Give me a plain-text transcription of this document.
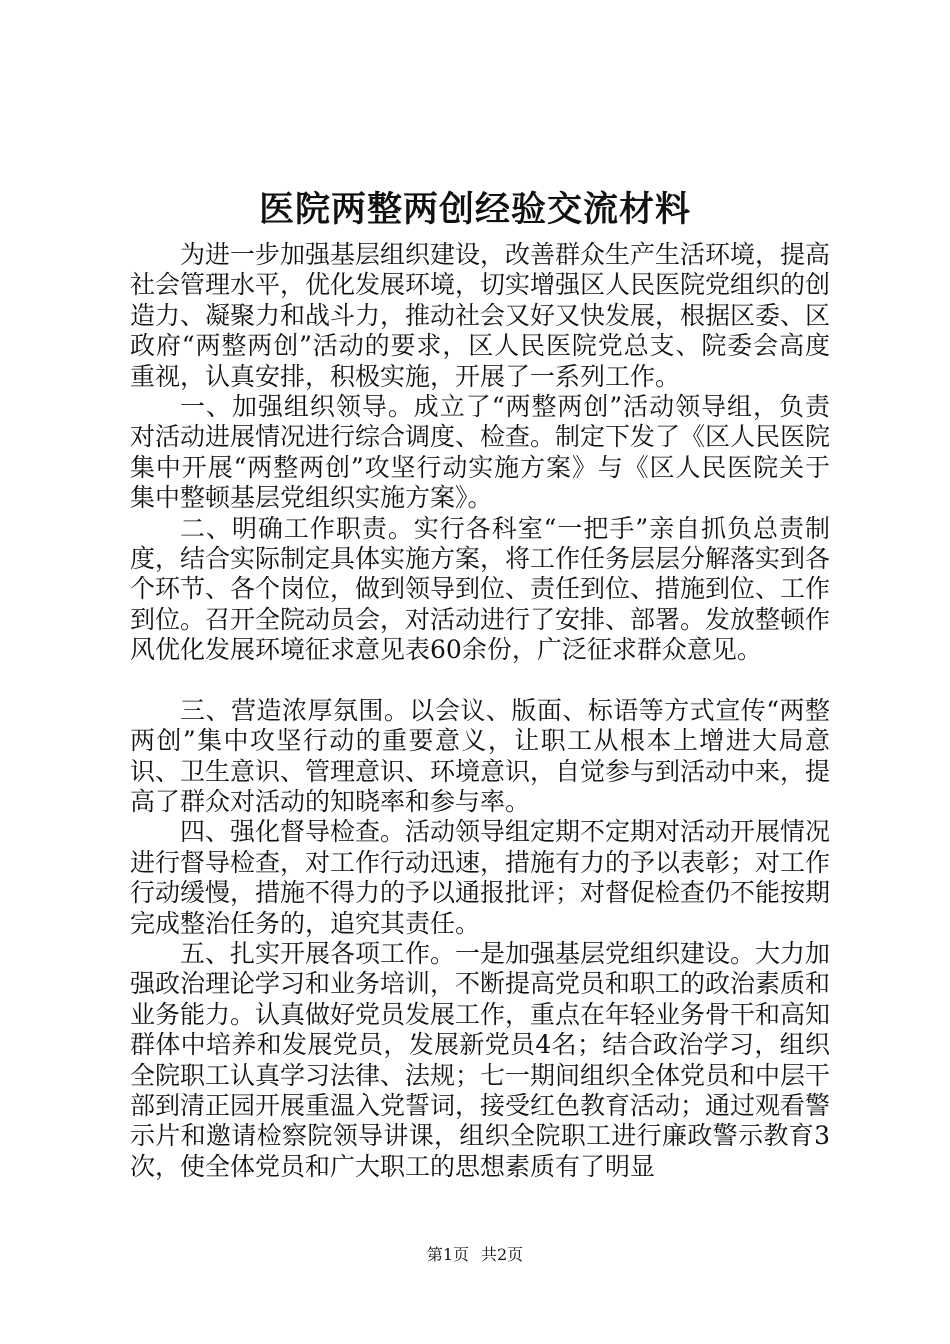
医院两整两创经验交流材料

为进一步加强基层组织建设，改善群众生产生活环境，提高社会管理水平，优化发展环境，切实增强区人民医院党组织的创造力、凝聚力和战斗力，推动社会又好又快发展，根据区委、区政府“两整两创”活动的要求，区人民医院党总支、院委会高度重视，认真安排，积极实施，开展了一系列工作。

一、加强组织领导。成立了“两整两创”活动领导组，负责对活动进展情况进行综合调度、检查。制定下发了《区人民医院集中开展“两整两创”攻坚行动实施方案》与《区人民医院关于集中整顿基层党组织实施方案》。

二、明确工作职责。实行各科室“一把手”亲自抓负总责制度，结合实际制定具体实施方案，将工作任务层层分解落实到各个环节、各个岗位，做到领导到位、责任到位、措施到位、工作到位。召开全院动员会，对活动进行了安排、部署。发放整顿作风优化发展环境征求意见表60余份，广泛征求群众意见。

三、营造浓厚氛围。以会议、版面、标语等方式宣传“两整两创”集中攻坚行动的重要意义，让职工从根本上增进大局意识、卫生意识、管理意识、环境意识，自觉参与到活动中来，提高了群众对活动的知晓率和参与率。

四、强化督导检查。活动领导组定期不定期对活动开展情况进行督导检查，对工作行动迅速，措施有力的予以表彰；对工作行动缓慢，措施不得力的予以通报批评；对督促检查仍不能按期完成整治任务的，追究其责任。

五、扎实开展各项工作。一是加强基层党组织建设。大力加强政治理论学习和业务培训，不断提高党员和职工的政治素质和业务能力。认真做好党员发展工作，重点在年轻业务骨干和高知群体中培养和发展党员，发展新党员4名；结合政治学习，组织全院职工认真学习法律、法规；七一期间组织全体党员和中层干部到清正园开展重温入党誓词，接受红色教育活动；通过观看警示片和邀请检察院领导讲课，组织全院职工进行廉政警示教育3次，使全体党员和广大职工的思想素质有了明显

第1页 共2页
